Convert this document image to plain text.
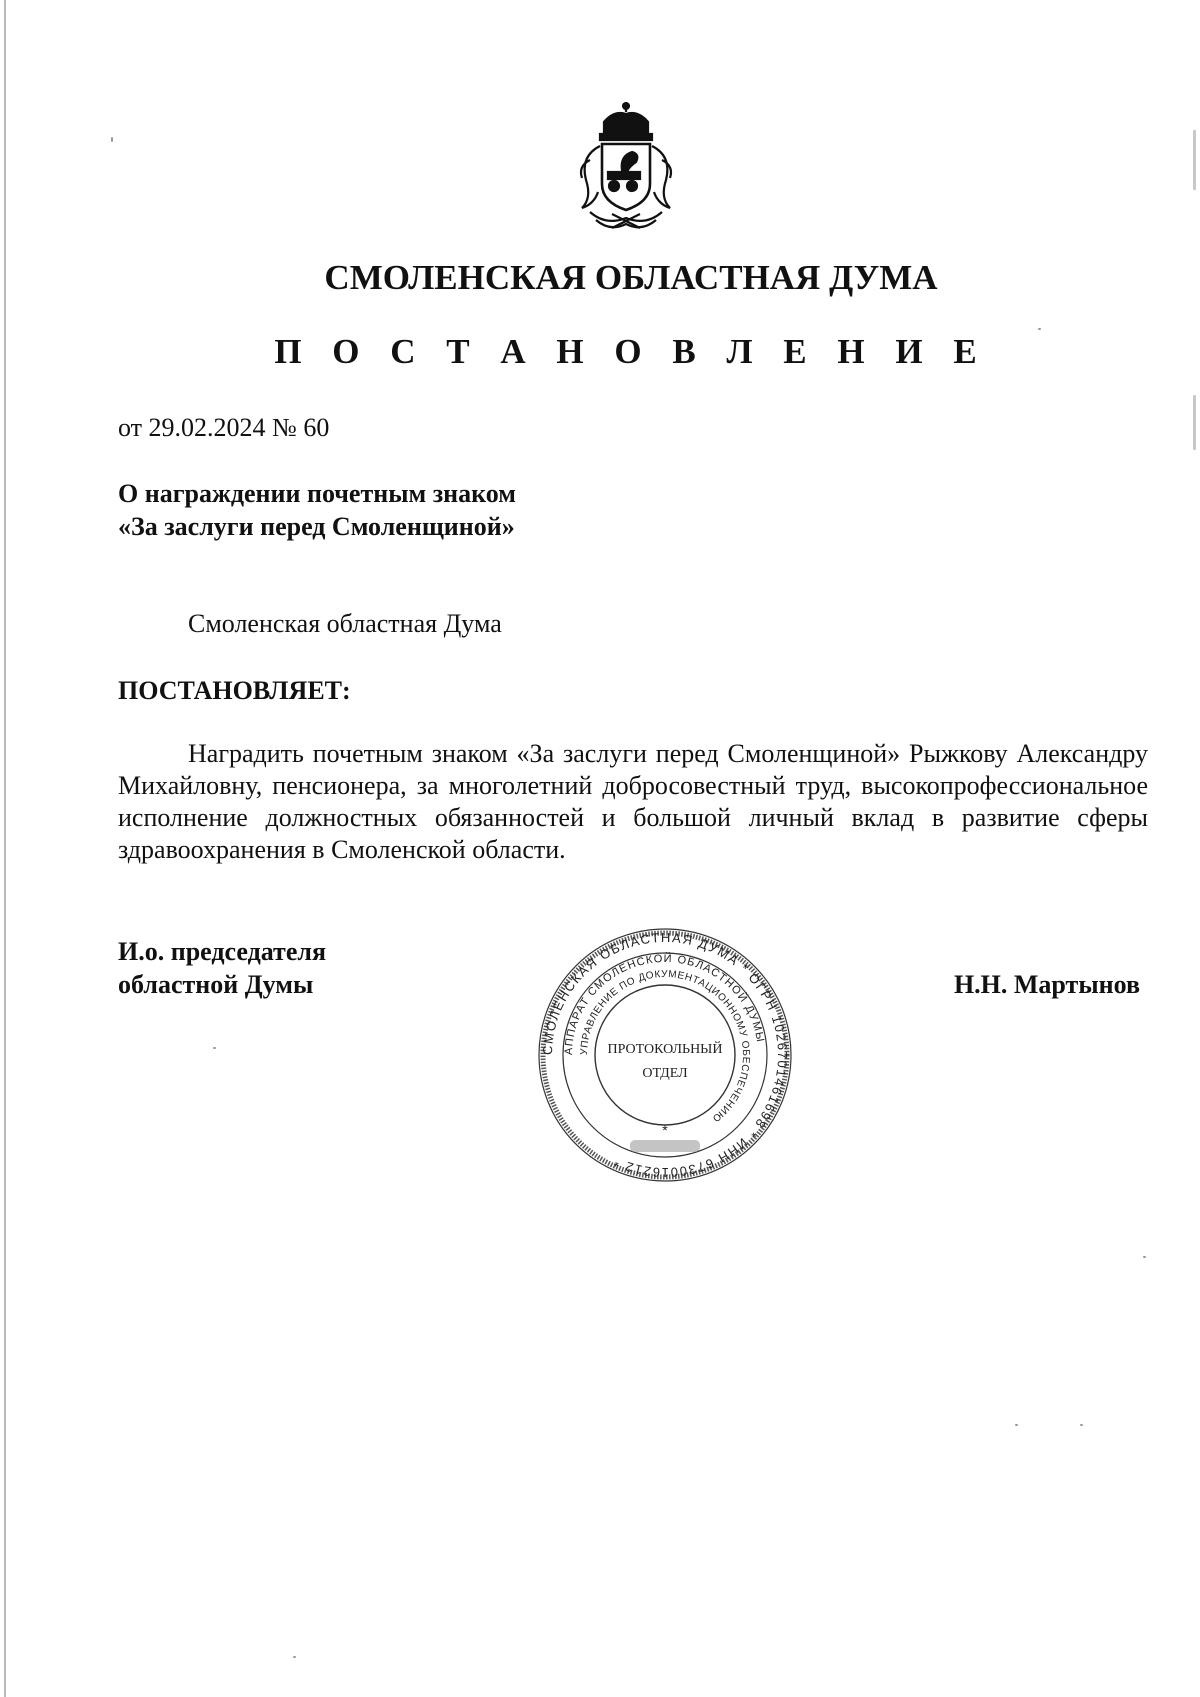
СМОЛЕНСКАЯ ОБЛАСТНАЯ ДУМА
П О С Т А Н О В Л Е Н И Е
от 29.02.2024 № 60
О награждении почетным знаком
«За заслуги перед Смоленщиной»
Смоленская областная Дума
ПОСТАНОВЛЯЕТ:

Наградить почетным знаком «За заслуги перед Смоленщиной» Рыжкову Александру Михайловну, пенсионера, за многолетний добросовестный труд, высокопрофессиональное исполнение должностных обязанностей и большой личный вклад в развитие сферы здравоохранения в Смоленской области.

И.о. председателя
областной Думы	Н.Н. Мартынов
СМОЛЕНСКАЯ ОБЛАСТНАЯ ДУМА * ОГРН 1026701461698 * ИНН 6730016212 *
АППАРАТ СМОЛЕНСКОЙ ОБЛАСТНОЙ ДУМЫ
УПРАВЛЕНИЕ ПО ДОКУМЕНТАЦИОННОМУ ОБЕСПЕЧЕНИЮ
ПРОТОКОЛЬНЫЙ
ОТДЕЛ
*
